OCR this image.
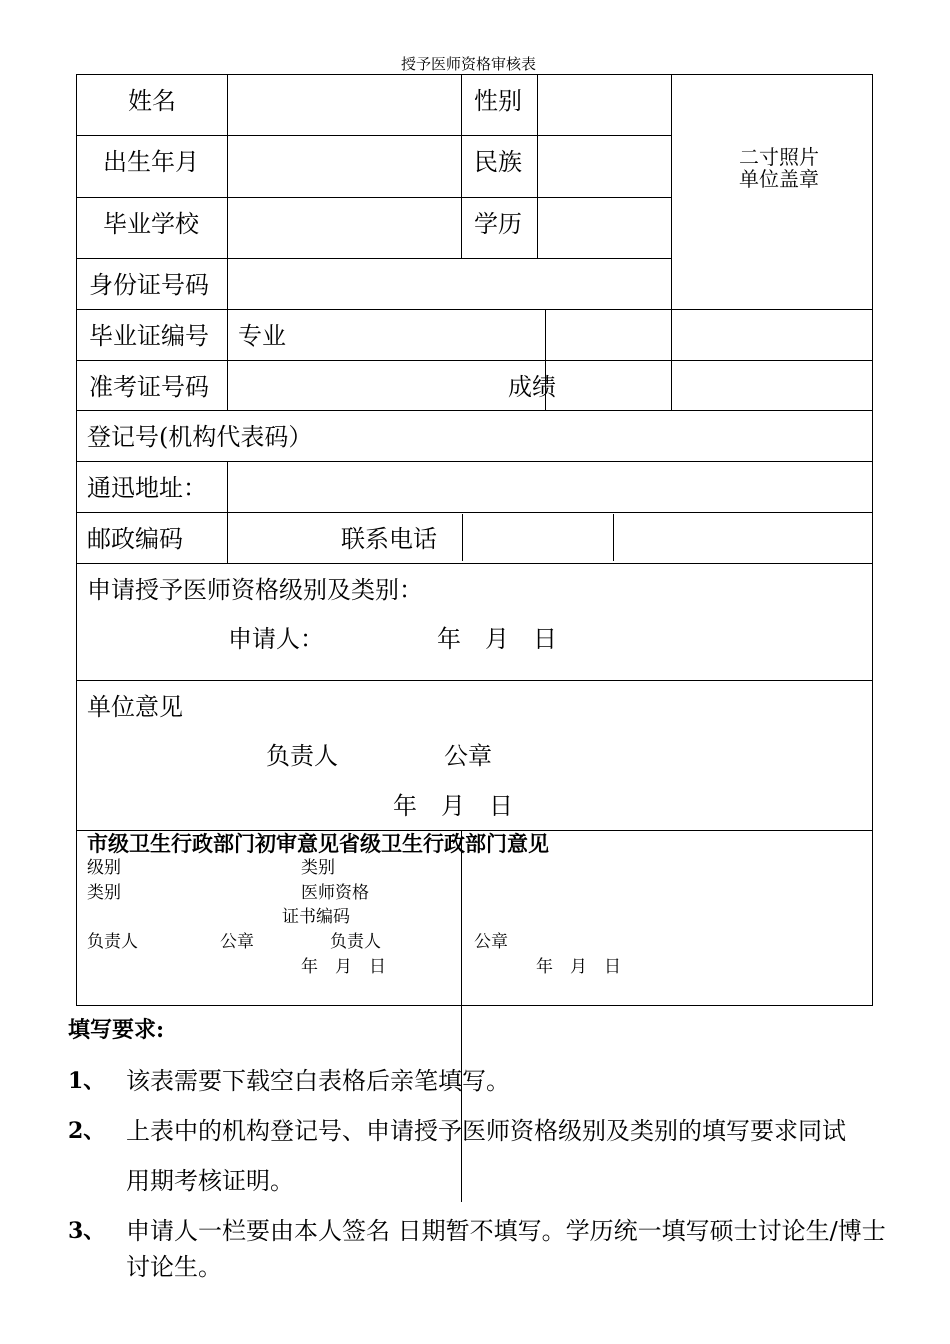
授予医师资格审核表
姓名	性别
出生年月	民族
毕业学校	学历
二寸照片
单位盖章
身份证号码
毕业证编号 专业
准考证号码	成绩
登记号(机构代表码）
通迅地址：
邮政编码	联系电话
申请授予医师资格级别及类别：
申请人：	年　月　日
单位意见
负责人	公章
年　月　日
市级卫生行政部门初审意见省级卫生行政部门意见
级别	类别
类别	医师资格
证书编码
负责人	公章	负责人	公章
年　月　日	年　月　日
填写要求:
1、 该表需要下载空白表格后亲笔填写。
2、 上表中的机构登记号、申请授予医师资格级别及类别的填写要求同试
用期考核证明。
3、 申请人一栏要由本人签名 日期暂不填写。学历统一填写硕士讨论生/博士
讨论生。
